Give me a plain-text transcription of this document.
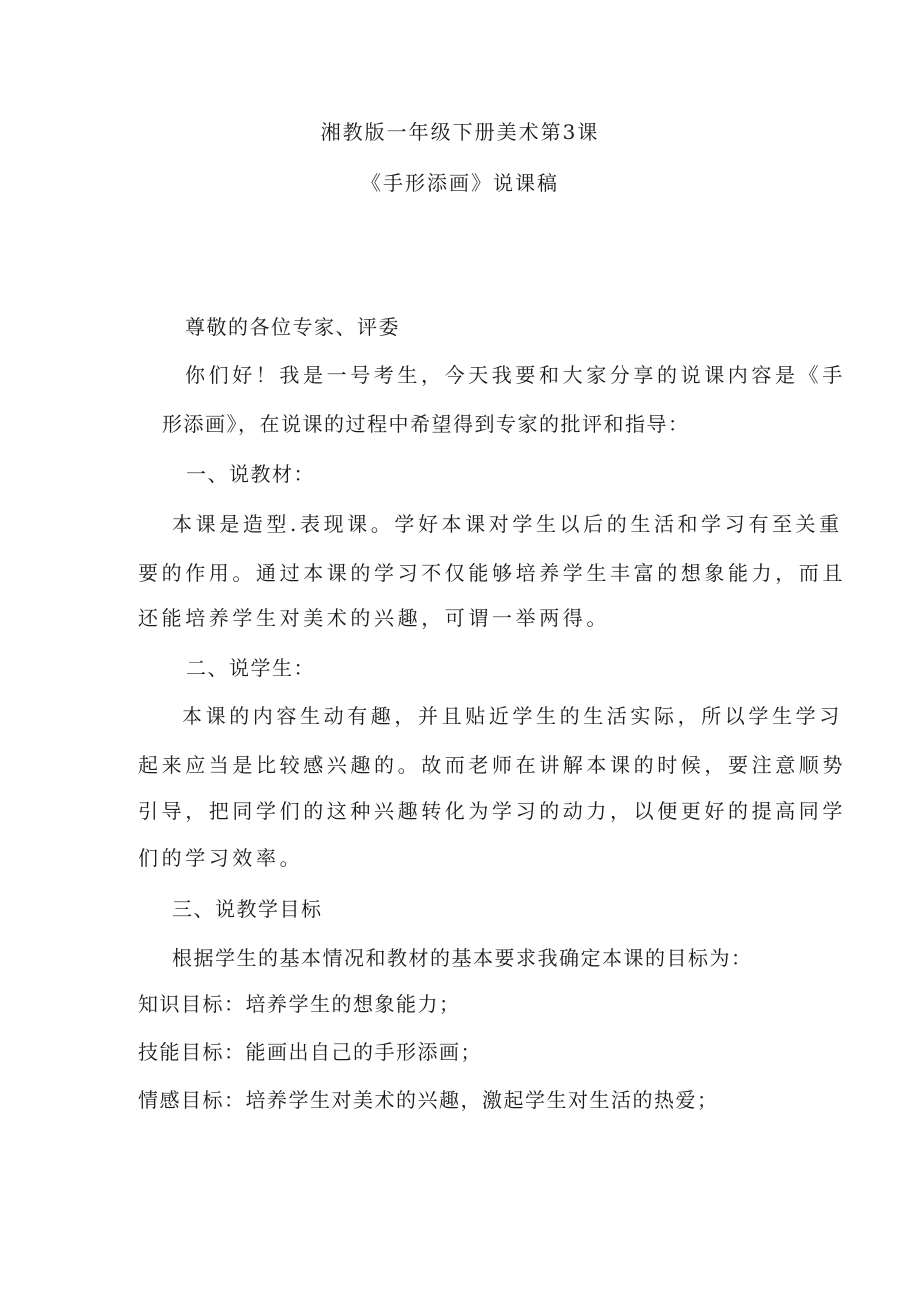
湘教版一年级下册美术第3课
《手形添画》说课稿
尊敬的各位专家、评委
你们好！我是一号考生，今天我要和大家分享的说课内容是《手
形添画》，在说课的过程中希望得到专家的批评和指导：
一、说教材：
本课是造型.表现课。学好本课对学生以后的生活和学习有至关重
要的作用。通过本课的学习不仅能够培养学生丰富的想象能力，而且
还能培养学生对美术的兴趣，可谓一举两得。
二、说学生：
本课的内容生动有趣，并且贴近学生的生活实际，所以学生学习
起来应当是比较感兴趣的。故而老师在讲解本课的时候，要注意顺势
引导，把同学们的这种兴趣转化为学习的动力，以便更好的提高同学
们的学习效率。
三、说教学目标
根据学生的基本情况和教材的基本要求我确定本课的目标为：
知识目标：培养学生的想象能力；
技能目标：能画出自己的手形添画；
情感目标：培养学生对美术的兴趣，激起学生对生活的热爱；
